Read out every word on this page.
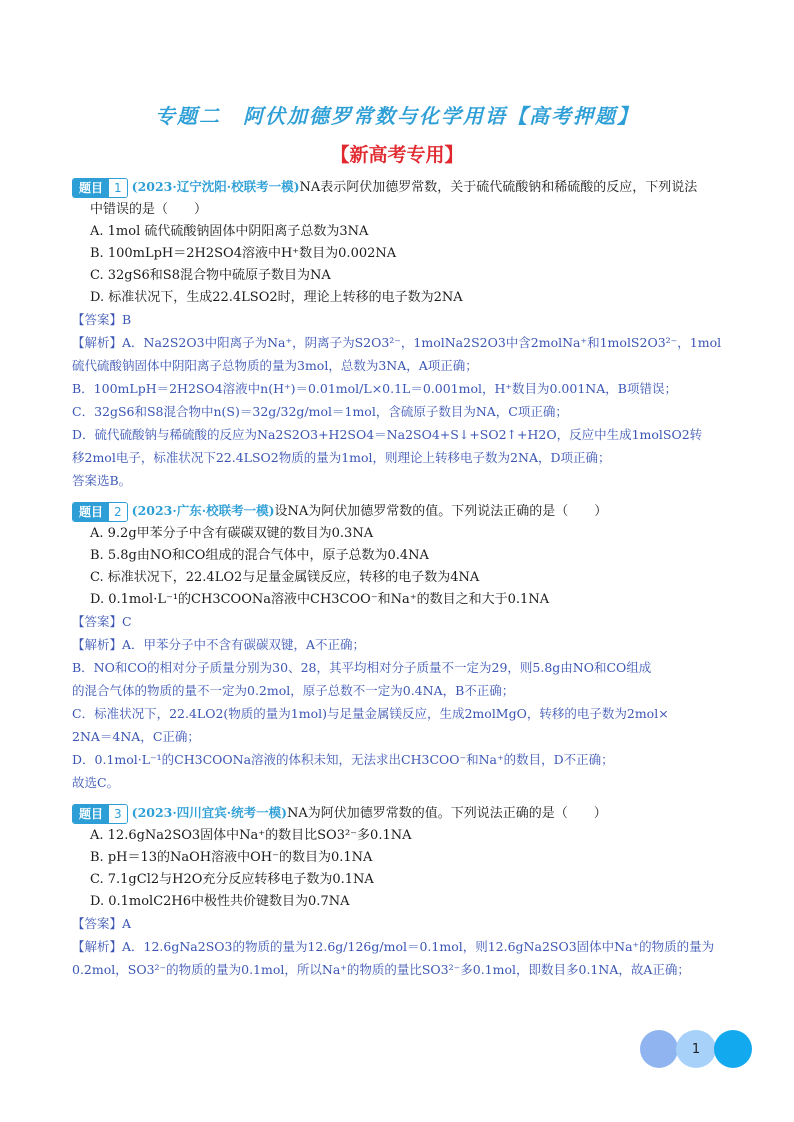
专题二　阿伏加德罗常数与化学用语【高考押题】
【新高考专用】
题目 1 (2023·辽宁沈阳·校联考一模)NA表示阿伏加德罗常数，关于硫代硫酸钠和稀硫酸的反应，下列说法
中错误的是（　　）
A. 1mol 硫代硫酸钠固体中阴阳离子总数为3NA
B. 100mLpH＝2H2SO4溶液中H⁺数目为0.002NA
C. 32gS6和S8混合物中硫原子数目为NA
D. 标准状况下，生成22.4LSO2时，理论上转移的电子数为2NA
【答案】B
【解析】A．Na2S2O3中阳离子为Na⁺，阴离子为S2O3²⁻，1molNa2S2O3中含2molNa⁺和1molS2O3²⁻，1mol
硫代硫酸钠固体中阴阳离子总物质的量为3mol，总数为3NA，A项正确；
B．100mLpH＝2H2SO4溶液中n(H⁺)＝0.01mol/L×0.1L＝0.001mol，H⁺数目为0.001NA，B项错误；
C．32gS6和S8混合物中n(S)＝32g/32g/mol＝1mol，含硫原子数目为NA，C项正确；
D．硫代硫酸钠与稀硫酸的反应为Na2S2O3+H2SO4＝Na2SO4+S↓+SO2↑+H2O，反应中生成1molSO2转
移2mol电子，标准状况下22.4LSO2物质的量为1mol，则理论上转移电子数为2NA，D项正确；
答案选B。
题目 2 (2023·广东·校联考一模)设NA为阿伏加德罗常数的值。下列说法正确的是（　　）
A. 9.2g甲苯分子中含有碳碳双键的数目为0.3NA
B. 5.8g由NO和CO组成的混合气体中，原子总数为0.4NA
C. 标准状况下，22.4LO2与足量金属镁反应，转移的电子数为4NA
D. 0.1mol·L⁻¹的CH3COONa溶液中CH3COO⁻和Na⁺的数目之和大于0.1NA
【答案】C
【解析】A．甲苯分子中不含有碳碳双键，A不正确；
B．NO和CO的相对分子质量分别为30、28，其平均相对分子质量不一定为29，则5.8g由NO和CO组成
的混合气体的物质的量不一定为0.2mol，原子总数不一定为0.4NA，B不正确；
C．标准状况下，22.4LO2(物质的量为1mol)与足量金属镁反应，生成2molMgO，转移的电子数为2mol×
2NA＝4NA，C正确；
D．0.1mol·L⁻¹的CH3COONa溶液的体积未知，无法求出CH3COO⁻和Na⁺的数目，D不正确；
故选C。
题目 3 (2023·四川宜宾·统考一模)NA为阿伏加德罗常数的值。下列说法正确的是（　　）
A. 12.6gNa2SO3固体中Na⁺的数目比SO3²⁻多0.1NA
B. pH＝13的NaOH溶液中OH⁻的数目为0.1NA
C. 7.1gCl2与H2O充分反应转移电子数为0.1NA
D. 0.1molC2H6中极性共价键数目为0.7NA
【答案】A
【解析】A．12.6gNa2SO3的物质的量为12.6g/126g/mol＝0.1mol，则12.6gNa2SO3固体中Na⁺的物质的量为
0.2mol，SO3²⁻的物质的量为0.1mol，所以Na⁺的物质的量比SO3²⁻多0.1mol，即数目多0.1NA，故A正确；
1
